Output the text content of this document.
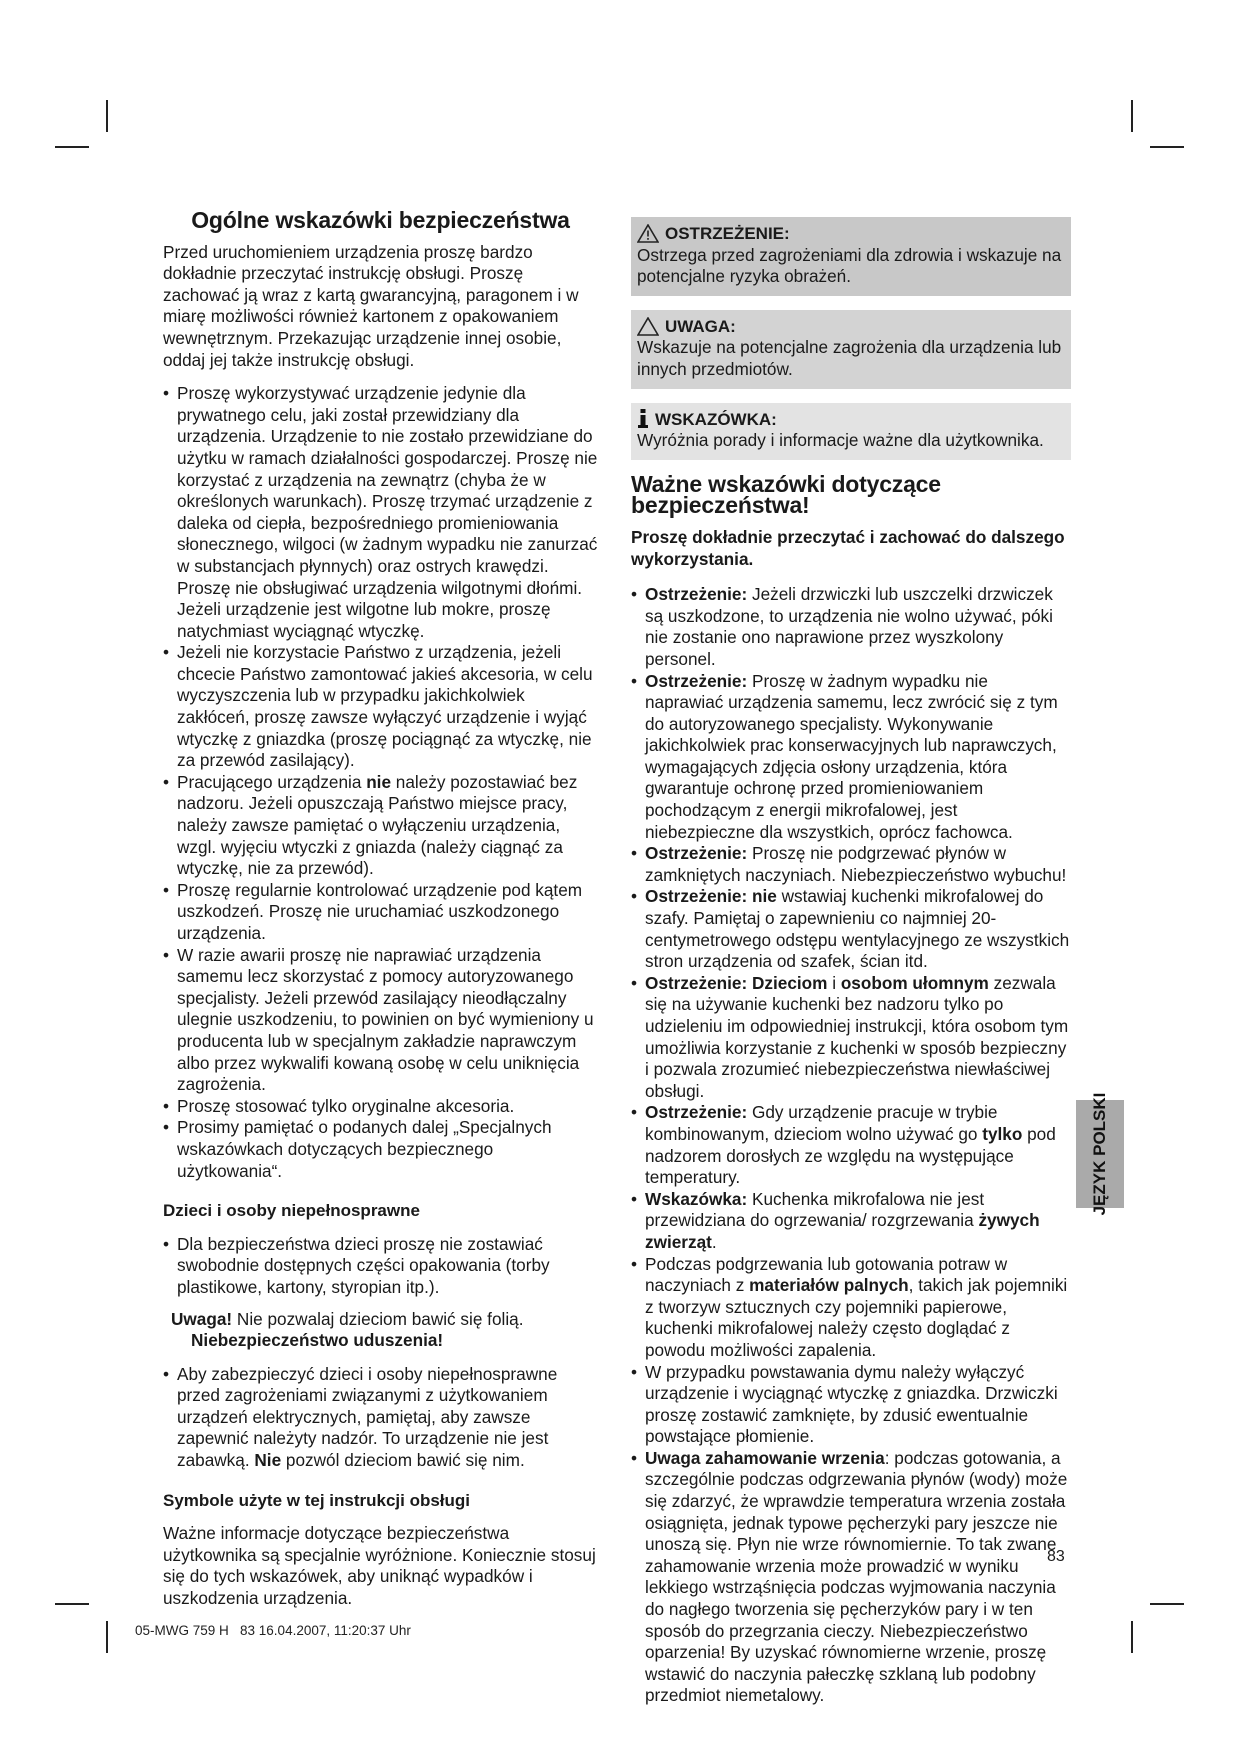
Ogólne wskazówki bezpieczeństwa

Przed uruchomieniem urządzenia proszę bardzo dokładnie przeczytać instrukcję obsługi. Proszę zachować ją wraz z kartą gwarancyjną, paragonem i w miarę możliwości również kartonem z opakowaniem wewnętrznym. Przekazując urządzenie innej osobie, oddaj jej także instrukcję obsługi.

• Proszę wykorzystywać urządzenie jedynie dla prywatnego celu, jaki został przewidziany dla urządzenia. Urządzenie to nie zostało przewidziane do użytku w ramach działalności gospodarczej. Proszę nie korzystać z urządzenia na zewnątrz (chyba że w określonych warunkach). Proszę trzymać urządzenie z daleka od ciepła, bezpośredniego promieniowania słonecznego, wilgoci (w żadnym wypadku nie zanurzać w substancjach płynnych) oraz ostrych krawędzi. Proszę nie obsługiwać urządzenia wilgotnymi dłońmi. Jeżeli urządzenie jest wilgotne lub mokre, proszę natychmiast wyciągnąć wtyczkę.
• Jeżeli nie korzystacie Państwo z urządzenia, jeżeli chcecie Państwo zamontować jakieś akcesoria, w celu wyczyszczenia lub w przypadku jakichkolwiek zakłóceń, proszę zawsze wyłączyć urządzenie i wyjąć wtyczkę z gniazdka (proszę pociągnąć za wtyczkę, nie za przewód zasilający).
• Pracującego urządzenia nie należy pozostawiać bez nadzoru. Jeżeli opuszczają Państwo miejsce pracy, należy zawsze pamiętać o wyłączeniu urządzenia, wzgl. wyjęciu wtyczki z gniazda (należy ciągnąć za wtyczkę, nie za przewód).
• Proszę regularnie kontrolować urządzenie pod kątem uszkodzeń. Proszę nie uruchamiać uszkodzonego urządzenia.
• W razie awarii proszę nie naprawiać urządzenia samemu lecz skorzystać z pomocy autoryzowanego specjalisty. Jeżeli przewód zasilający nieodłączalny ulegnie uszkodzeniu, to powinien on być wymieniony u producenta lub w specjalnym zakładzie naprawczym albo przez wykwalifi kowaną osobę w celu uniknięcia zagrożenia.
• Proszę stosować tylko oryginalne akcesoria.
• Prosimy pamiętać o podanych dalej „Specjalnych wskazówkach dotyczących bezpiecznego użytkowania“.
Dzieci i osoby niepełnosprawne
• Dla bezpieczeństwa dzieci proszę nie zostawiać swobodnie dostępnych części opakowania (torby plastikowe, kartony, styropian itp.).
Uwaga! Nie pozwalaj dzieciom bawić się folią.
Niebezpieczeństwo uduszenia!
• Aby zabezpieczyć dzieci i osoby niepełnosprawne przed zagrożeniami związanymi z użytkowaniem urządzeń elektrycznych, pamiętaj, aby zawsze zapewnić należyty nadzór. To urządzenie nie jest zabawką. Nie pozwól dzieciom bawić się nim.
Symbole użyte w tej instrukcji obsługi

Ważne informacje dotyczące bezpieczeństwa użytkownika są specjalnie wyróżnione. Koniecznie stosuj się do tych wskazówek, aby uniknąć wypadków i uszkodzenia urządzenia.

OSTRZEŻENIE:
Ostrzega przed zagrożeniami dla zdrowia i wskazuje na potencjalne ryzyka obrażeń.
UWAGA:
Wskazuje na potencjalne zagrożenia dla urządzenia lub innych przedmiotów.
WSKAZÓWKA:
Wyróżnia porady i informacje ważne dla użytkownika.
Ważne wskazówki dotyczące bezpieczeństwa!
Proszę dokładnie przeczytać i zachować do dalszego wykorzystania.
• Ostrzeżenie: Jeżeli drzwiczki lub uszczelki drzwiczek są uszkodzone, to urządzenia nie wolno używać, póki nie zostanie ono naprawione przez wyszkolony personel.
• Ostrzeżenie: Proszę w żadnym wypadku nie naprawiać urządzenia samemu, lecz zwrócić się z tym do autoryzowanego specjalisty. Wykonywanie jakichkolwiek prac konserwacyjnych lub naprawczych, wymagających zdjęcia osłony urządzenia, która gwarantuje ochronę przed promieniowaniem pochodzącym z energii mikrofalowej, jest niebezpieczne dla wszystkich, oprócz fachowca.
• Ostrzeżenie: Proszę nie podgrzewać płynów w zamkniętych naczyniach. Niebezpieczeństwo wybuchu!
• Ostrzeżenie: nie wstawiaj kuchenki mikrofalowej do szafy. Pamiętaj o zapewnieniu co najmniej 20-centymetrowego odstępu wentylacyjnego ze wszystkich stron urządzenia od szafek, ścian itd.
• Ostrzeżenie: Dzieciom i osobom ułomnym zezwala się na używanie kuchenki bez nadzoru tylko po udzieleniu im odpowiedniej instrukcji, która osobom tym umożliwia korzystanie z kuchenki w sposób bezpieczny i pozwala zrozumieć niebezpieczeństwa niewłaściwej obsługi.
• Ostrzeżenie: Gdy urządzenie pracuje w trybie kombinowanym, dzieciom wolno używać go tylko pod nadzorem dorosłych ze względu na występujące temperatury.
• Wskazówka: Kuchenka mikrofalowa nie jest przewidziana do ogrzewania/ rozgrzewania żywych zwierząt.
• Podczas podgrzewania lub gotowania potraw w naczyniach z materiałów palnych, takich jak pojemniki z tworzyw sztucznych czy pojemniki papierowe, kuchenki mikrofalowej należy często doglądać z powodu możliwości zapalenia.
• W przypadku powstawania dymu należy wyłączyć urządzenie i wyciągnąć wtyczkę z gniazdka. Drzwiczki proszę zostawić zamknięte, by zdusić ewentualnie powstające płomienie.
• Uwaga zahamowanie wrzenia: podczas gotowania, a szczególnie podczas odgrzewania płynów (wody) może się zdarzyć, że wprawdzie temperatura wrzenia została osiągnięta, jednak typowe pęcherzyki pary jeszcze nie unoszą się. Płyn nie wrze równomiernie. To tak zwane zahamowanie wrzenia może prowadzić w wyniku lekkiego wstrząśnięcia podczas wyjmowania naczynia do nagłego tworzenia się pęcherzyków pary i w ten sposób do przegrzania cieczy. Niebezpieczeństwo oparzenia! By uzyskać równomierne wrzenie, proszę wstawić do naczynia pałeczkę szklaną lub podobny przedmiot niemetalowy.
JĘZYK POLSKI
83
05-MWG 759 H   83 16.04.2007, 11:20:37 Uhr
